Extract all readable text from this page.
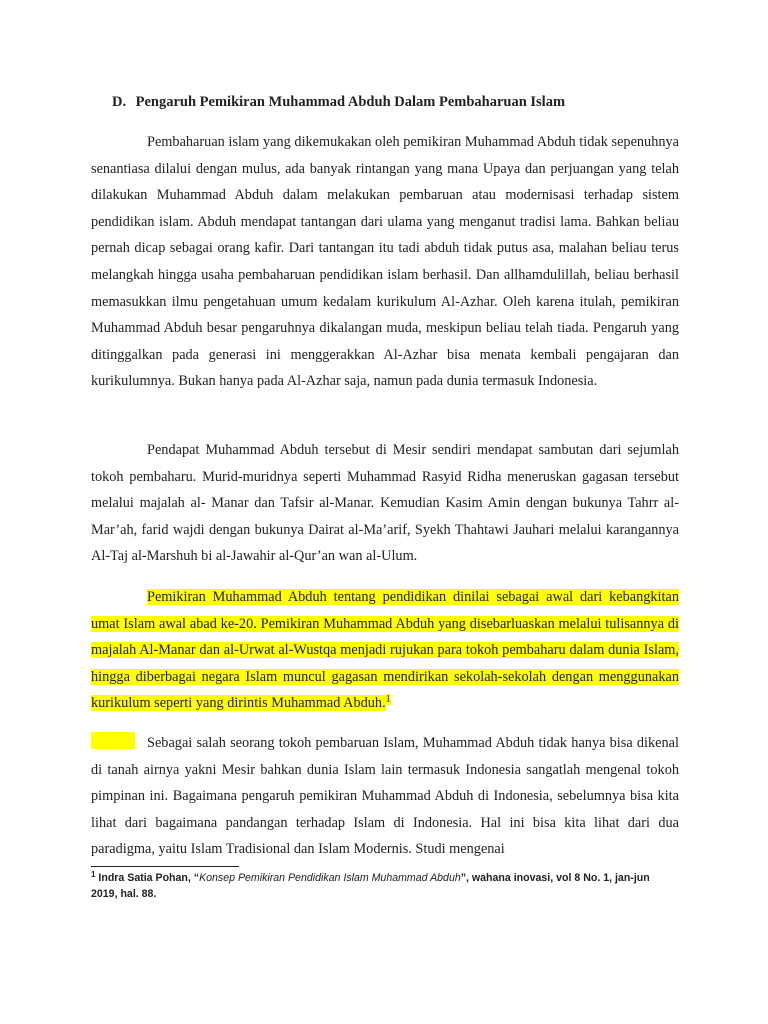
D. Pengaruh Pemikiran Muhammad Abduh Dalam Pembaharuan Islam

Pembaharuan islam yang dikemukakan oleh pemikiran Muhammad Abduh tidak sepenuhnya senantiasa dilalui dengan mulus, ada banyak rintangan yang mana Upaya dan perjuangan yang telah dilakukan Muhammad Abduh dalam melakukan pembaruan atau modernisasi terhadap sistem pendidikan islam. Abduh mendapat tantangan dari ulama yang menganut tradisi lama. Bahkan beliau pernah dicap sebagai orang kafir. Dari tantangan itu tadi abduh tidak putus asa, malahan beliau terus melangkah hingga usaha pembaharuan pendidikan islam berhasil. Dan allhamdulillah, beliau berhasil memasukkan ilmu pengetahuan umum kedalam kurikulum Al-Azhar. Oleh karena itulah, pemikiran Muhammad Abduh besar pengaruhnya dikalangan muda, meskipun beliau telah tiada. Pengaruh yang ditinggalkan pada generasi ini menggerakkan Al-Azhar bisa menata kembali pengajaran dan kurikulumnya. Bukan hanya pada Al-Azhar saja, namun pada dunia termasuk Indonesia.

Pendapat Muhammad Abduh tersebut di Mesir sendiri mendapat sambutan dari sejumlah tokoh pembaharu. Murid-muridnya seperti Muhammad Rasyid Ridha meneruskan gagasan tersebut melalui majalah al- Manar dan Tafsir al-Manar. Kemudian Kasim Amin dengan bukunya Tahrr al- Mar’ah, farid wajdi dengan bukunya Dairat al-Ma’arif, Syekh Thahtawi Jauhari melalui karangannya Al-Taj al-Marshuh bi al-Jawahir al-Qur’an wan al-Ulum.

Pemikiran Muhammad Abduh tentang pendidikan dinilai sebagai awal dari kebangkitan umat Islam awal abad ke-20. Pemikiran Muhammad Abduh yang disebarluaskan melalui tulisannya di majalah Al-Manar dan al-Urwat al-Wustqa menjadi rujukan para tokoh pembaharu dalam dunia Islam, hingga diberbagai negara Islam muncul gagasan mendirikan sekolah-sekolah dengan menggunakan kurikulum seperti yang dirintis Muhammad Abduh.$^1$

Sebagai salah seorang tokoh pembaruan Islam, Muhammad Abduh tidak hanya bisa dikenal di tanah airnya yakni Mesir bahkan dunia Islam lain termasuk Indonesia sangatlah mengenal tokoh pimpinan ini. Bagaimana pengaruh pemikiran Muhammad Abduh di Indonesia, sebelumnya bisa kita lihat dari bagaimana pandangan terhadap Islam di Indonesia. Hal ini bisa kita lihat dari dua paradigma, yaitu Islam Tradisional dan Islam Modernis. Studi mengenai

$^1$ Indra Satia Pohan, “Konsep Pemikiran Pendidikan Islam Muhammad Abduh”, wahana inovasi, vol 8 No. 1, jan-jun 2019, hal. 88.
